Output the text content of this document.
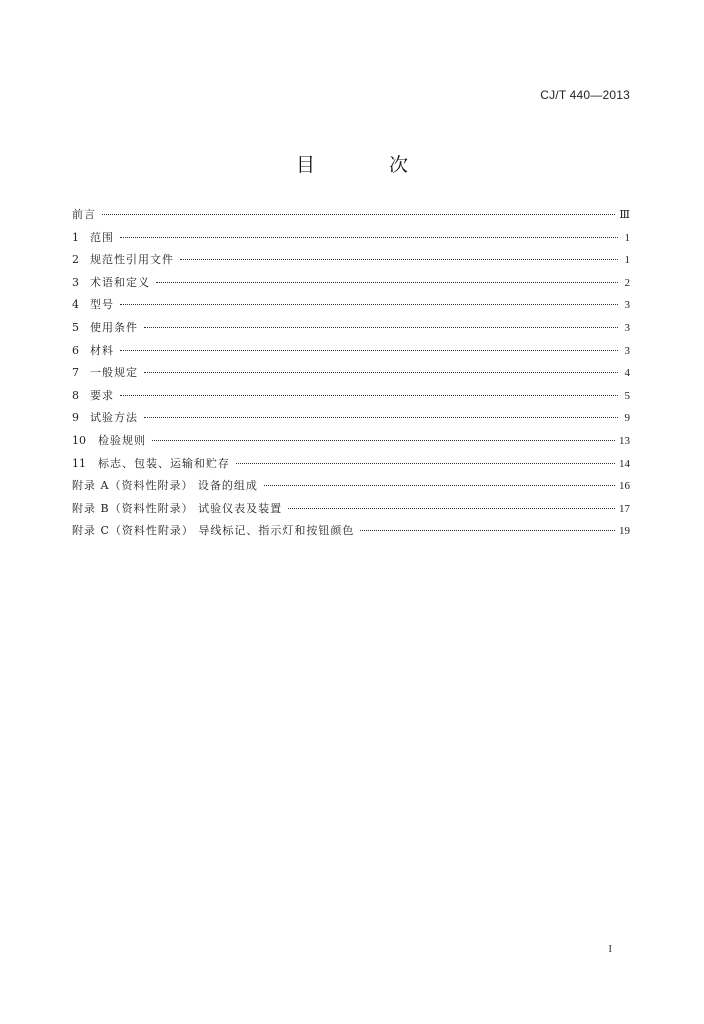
CJ/T 440—2013
目 次
前言	Ⅲ
1	范围	1
2	规范性引用文件	1
3	术语和定义	2
4	型号	3
5	使用条件	3
6	材料	3
7	一般规定	4
8	要求	5
9	试验方法	9
10	检验规则	13
11	标志、包装、运输和贮存	14
附录 A（资料性附录） 设备的组成	16
附录 B（资料性附录） 试验仪表及装置	17
附录 C（资料性附录） 导线标记、指示灯和按钮颜色	19
I
